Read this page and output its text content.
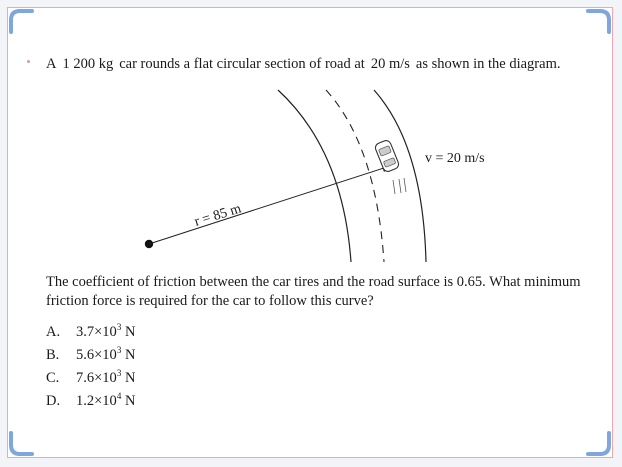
A 1 200 kg car rounds a flat circular section of road at 20 m/s as shown in the diagram.
r = 85 m
v = 20 m/s
The coefficient of friction between the car tires and the road surface is 0.65. What minimum
friction force is required for the car to follow this curve?
A.	$3.7\times 10^3$ N
B.	$5.6\times 10^3$ N
C.	$7.6\times 10^3$ N
D.	$1.2\times 10^4$ N
